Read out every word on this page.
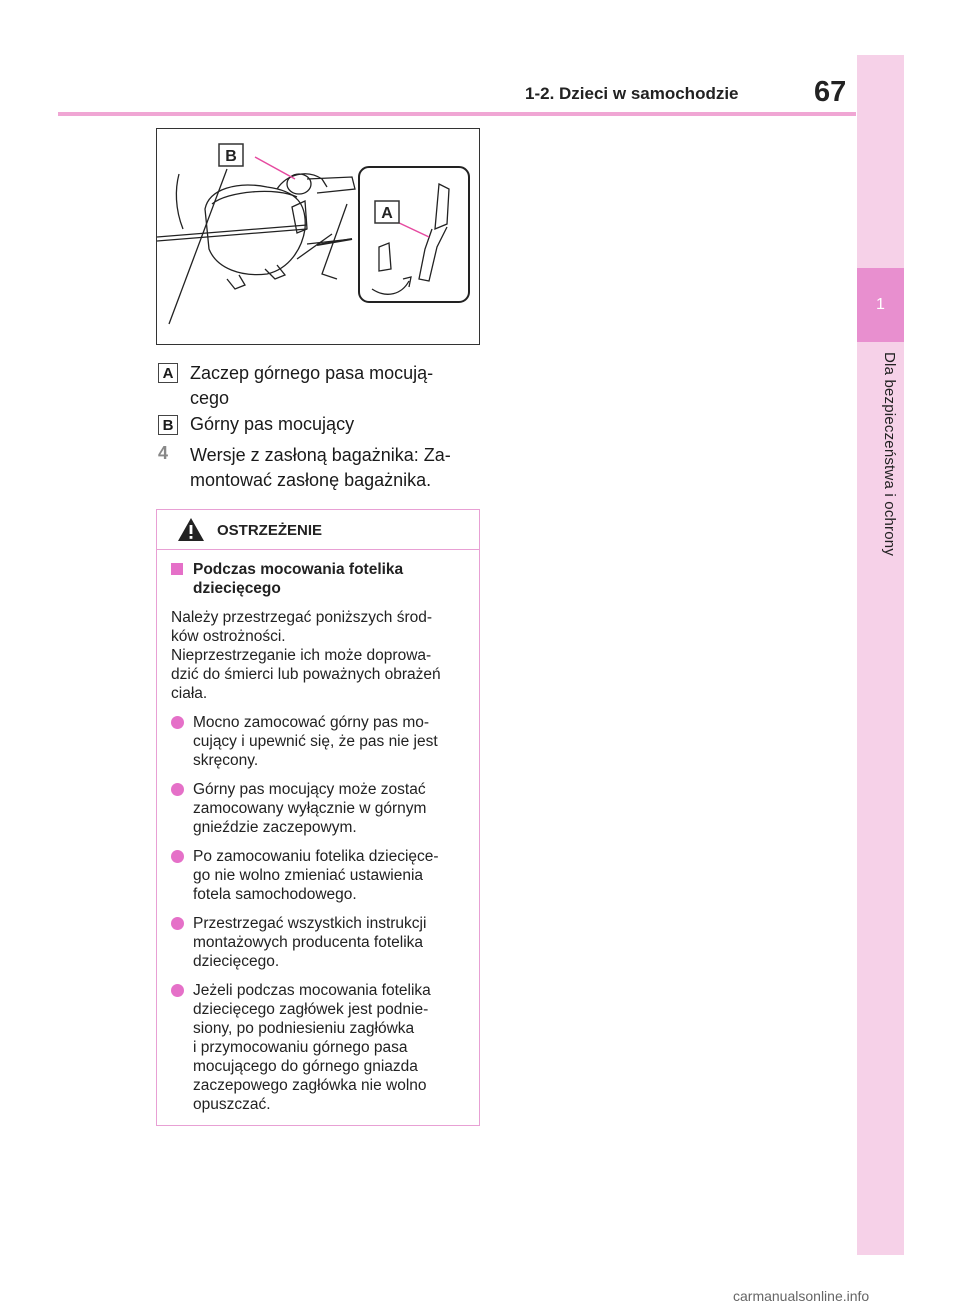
1-2. Dzieci w samochodzie	67
1
Dla bezpieczeństwa i ochrony
B
A
A Zaczep górnego pasa mocują-
cego
B Górny pas mocujący
4 Wersje z zasłoną bagażnika: Za-
montować zasłonę bagażnika.
OSTRZEŻENIE
Podczas mocowania fotelika
dziecięcego
Należy przestrzegać poniższych środ-
ków ostrożności.
Nieprzestrzeganie ich może doprowa-
dzić do śmierci lub poważnych obrażeń
ciała.
Mocno zamocować górny pas mo-
cujący i upewnić się, że pas nie jest
skręcony.
Górny pas mocujący może zostać
zamocowany wyłącznie w górnym
gnieździe zaczepowym.
Po zamocowaniu fotelika dziecięce-
go nie wolno zmieniać ustawienia
fotela samochodowego.
Przestrzegać wszystkich instrukcji
montażowych producenta fotelika
dziecięcego.
Jeżeli podczas mocowania fotelika
dziecięcego zagłówek jest podnie-
siony, po podniesieniu zagłówka
i przymocowaniu górnego pasa
mocującego do górnego gniazda
zaczepowego zagłówka nie wolno
opuszczać.
carmanualsonline.info
